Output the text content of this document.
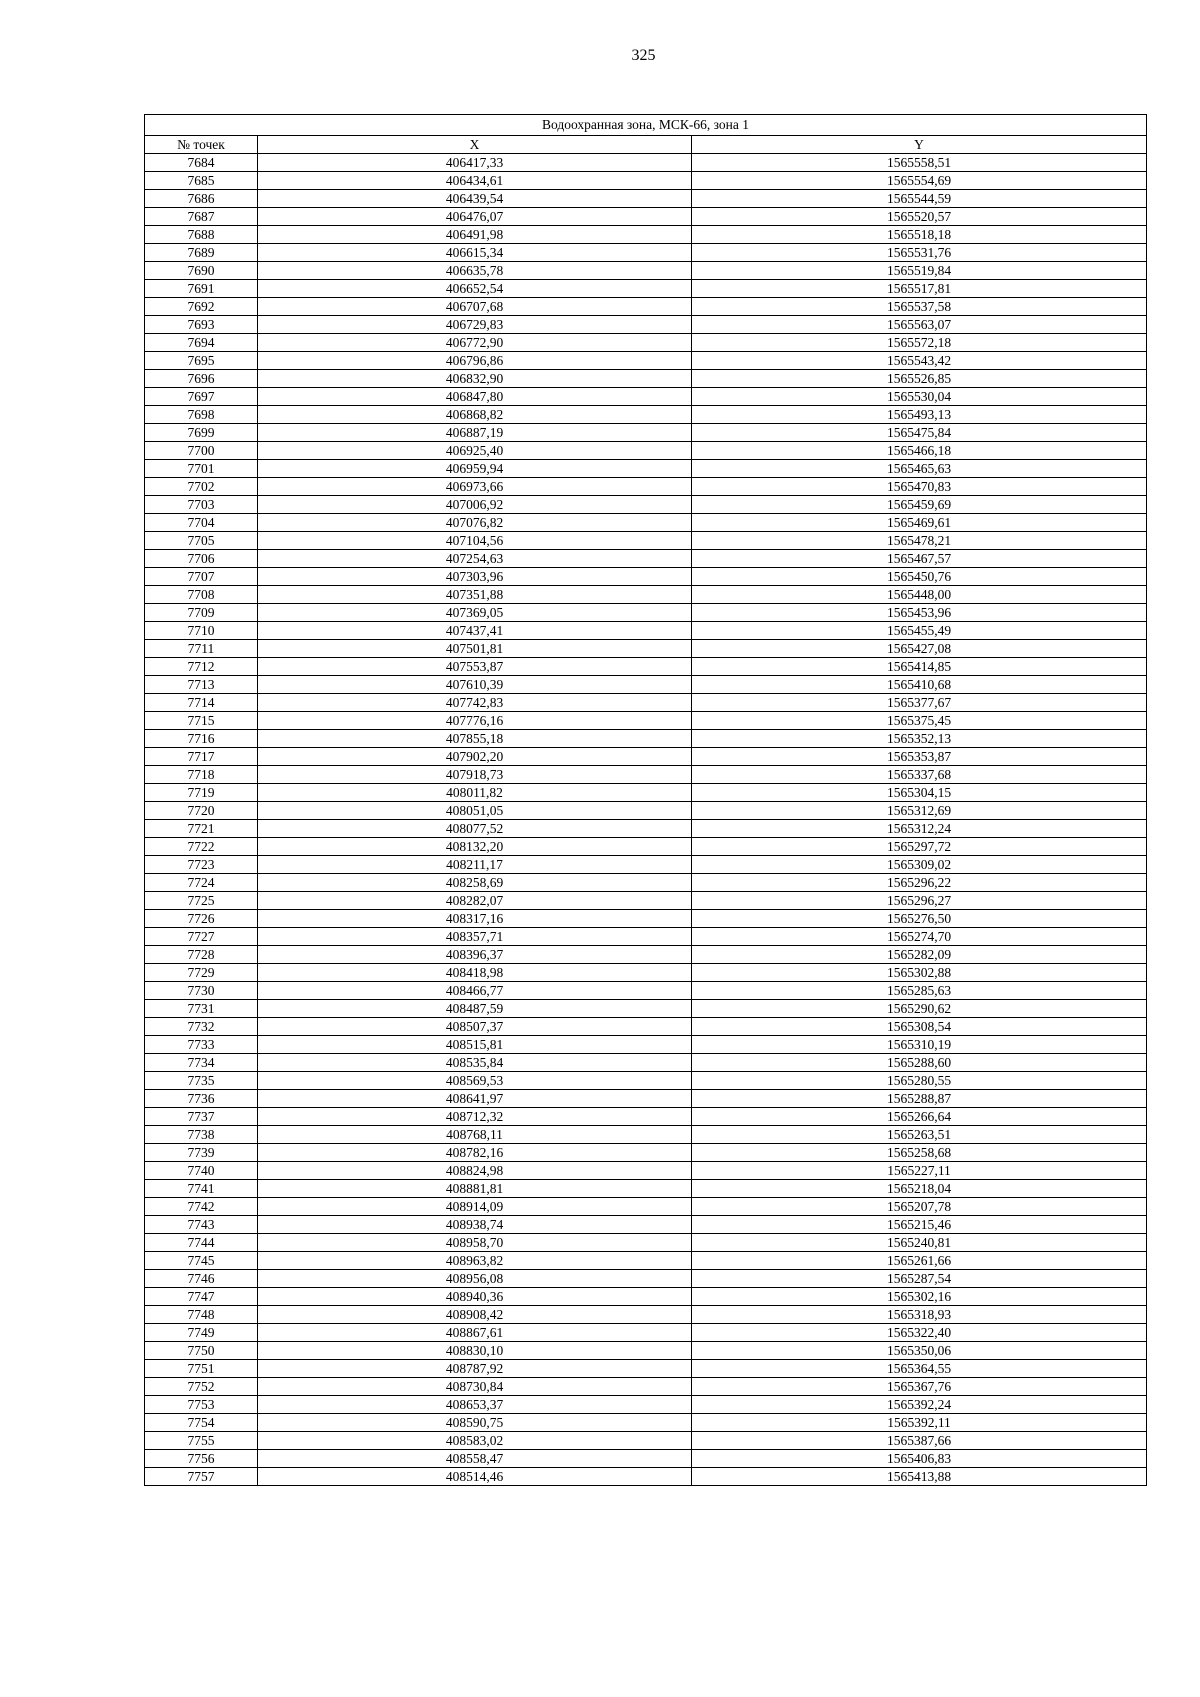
325
Водоохранная зона, МСК-66, зона 1		
№ точек	X	Y
7684	406417,33	1565558,51
7685	406434,61	1565554,69
7686	406439,54	1565544,59
7687	406476,07	1565520,57
7688	406491,98	1565518,18
7689	406615,34	1565531,76
7690	406635,78	1565519,84
7691	406652,54	1565517,81
7692	406707,68	1565537,58
7693	406729,83	1565563,07
7694	406772,90	1565572,18
7695	406796,86	1565543,42
7696	406832,90	1565526,85
7697	406847,80	1565530,04
7698	406868,82	1565493,13
7699	406887,19	1565475,84
7700	406925,40	1565466,18
7701	406959,94	1565465,63
7702	406973,66	1565470,83
7703	407006,92	1565459,69
7704	407076,82	1565469,61
7705	407104,56	1565478,21
7706	407254,63	1565467,57
7707	407303,96	1565450,76
7708	407351,88	1565448,00
7709	407369,05	1565453,96
7710	407437,41	1565455,49
7711	407501,81	1565427,08
7712	407553,87	1565414,85
7713	407610,39	1565410,68
7714	407742,83	1565377,67
7715	407776,16	1565375,45
7716	407855,18	1565352,13
7717	407902,20	1565353,87
7718	407918,73	1565337,68
7719	408011,82	1565304,15
7720	408051,05	1565312,69
7721	408077,52	1565312,24
7722	408132,20	1565297,72
7723	408211,17	1565309,02
7724	408258,69	1565296,22
7725	408282,07	1565296,27
7726	408317,16	1565276,50
7727	408357,71	1565274,70
7728	408396,37	1565282,09
7729	408418,98	1565302,88
7730	408466,77	1565285,63
7731	408487,59	1565290,62
7732	408507,37	1565308,54
7733	408515,81	1565310,19
7734	408535,84	1565288,60
7735	408569,53	1565280,55
7736	408641,97	1565288,87
7737	408712,32	1565266,64
7738	408768,11	1565263,51
7739	408782,16	1565258,68
7740	408824,98	1565227,11
7741	408881,81	1565218,04
7742	408914,09	1565207,78
7743	408938,74	1565215,46
7744	408958,70	1565240,81
7745	408963,82	1565261,66
7746	408956,08	1565287,54
7747	408940,36	1565302,16
7748	408908,42	1565318,93
7749	408867,61	1565322,40
7750	408830,10	1565350,06
7751	408787,92	1565364,55
7752	408730,84	1565367,76
7753	408653,37	1565392,24
7754	408590,75	1565392,11
7755	408583,02	1565387,66
7756	408558,47	1565406,83
7757	408514,46	1565413,88
